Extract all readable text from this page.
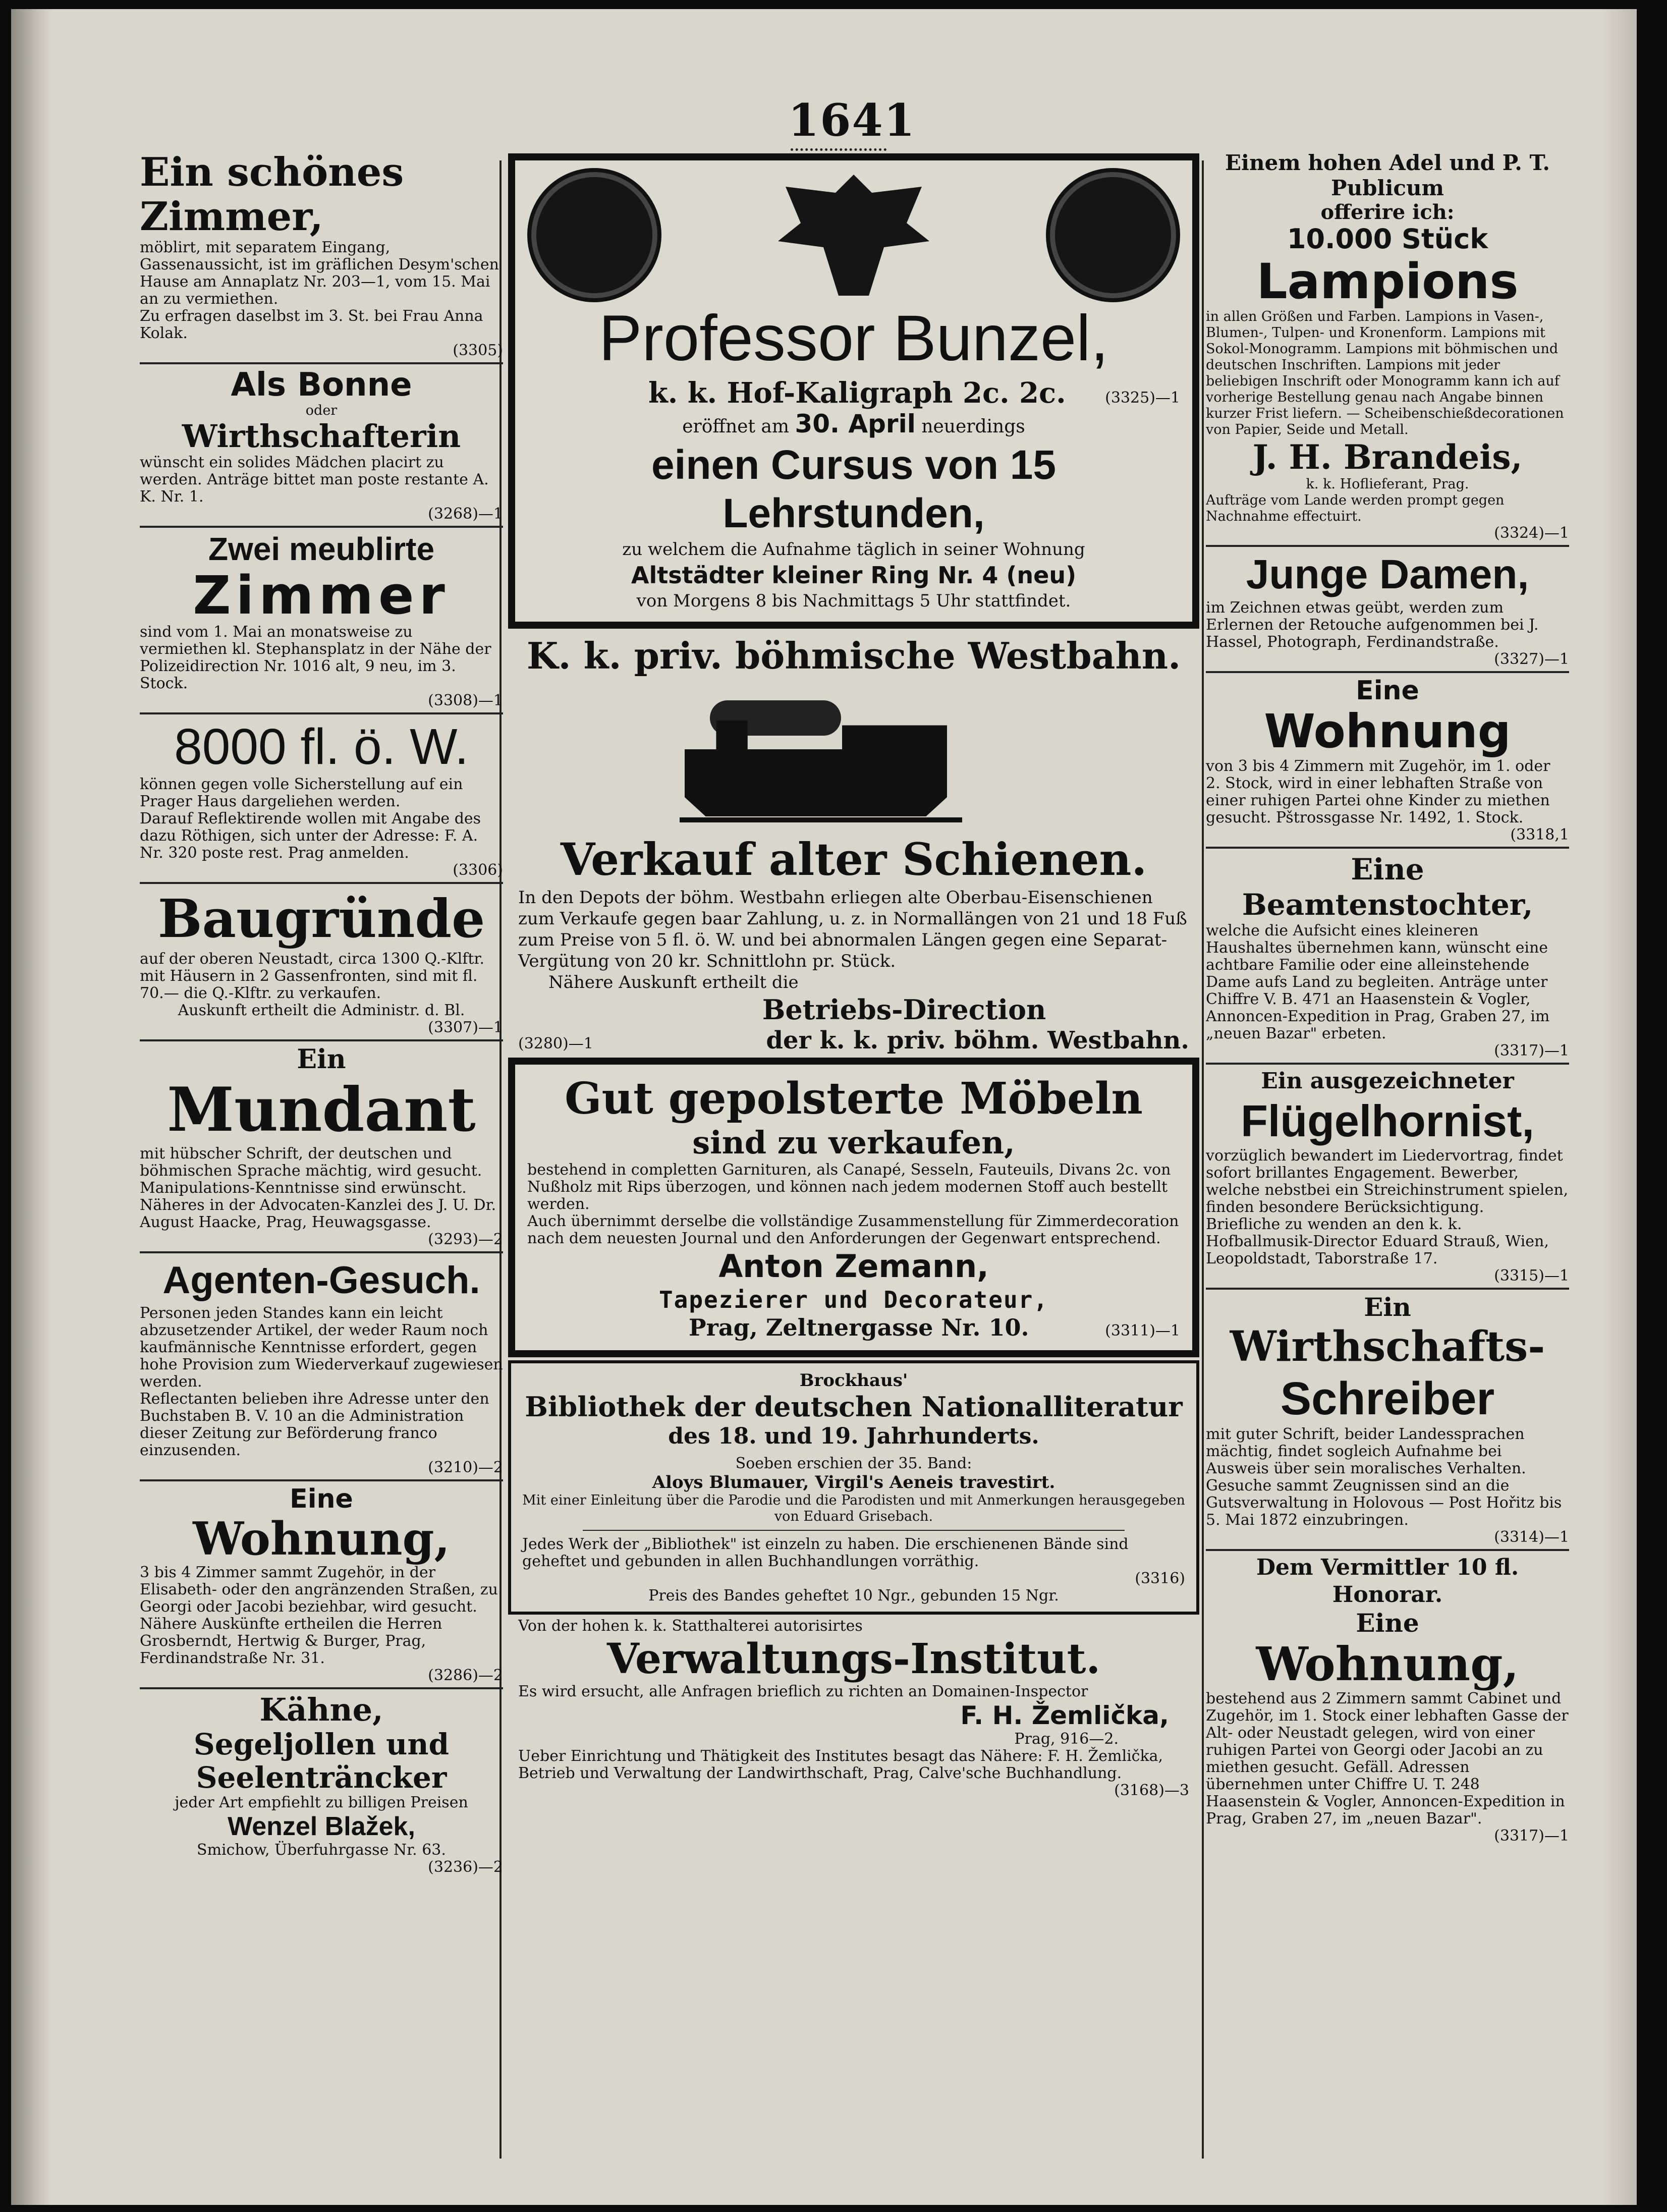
1641
Ein schönes Zimmer,
möblirt, mit separatem Eingang, Gassenaussicht, ist im gräflichen Desym'schen Hause am Annaplatz Nr. 203—1, vom 15. Mai an zu vermiethen.
Zu erfragen daselbst im 3. St. bei Frau Anna Kolak.
(3305)
Als Bonne
oder
Wirthschafterin
wünscht ein solides Mädchen placirt zu werden. Anträge bittet man poste restante A. K. Nr. 1.
(3268)—1
Zwei meublirte
Zimmer
sind vom 1. Mai an monatsweise zu vermiethen kl. Stephansplatz in der Nähe der Polizeidirection Nr. 1016 alt, 9 neu, im 3. Stock.
(3308)—1
8000 fl. ö. W.
können gegen volle Sicherstellung auf ein Prager Haus dargeliehen werden.
Darauf Reflektirende wollen mit Angabe des dazu Röthigen, sich unter der Adresse: F. A. Nr. 320 poste rest. Prag anmelden.
(3306)
Baugründe
auf der oberen Neustadt, circa 1300 Q.-Klftr. mit Häusern in 2 Gassenfronten, sind mit fl. 70.— die Q.-Klftr. zu verkaufen.
Auskunft ertheilt die Administr. d. Bl.
(3307)—1
Ein
Mundant
mit hübscher Schrift, der deutschen und böhmischen Sprache mächtig, wird gesucht. Manipulations-Kenntnisse sind erwünscht.
Näheres in der Advocaten-Kanzlei des J. U. Dr. August Haacke, Prag, Heuwagsgasse.
(3293)—2
Agenten-Gesuch.
Personen jeden Standes kann ein leicht abzusetzender Artikel, der weder Raum noch kaufmännische Kenntnisse erfordert, gegen hohe Provision zum Wiederverkauf zugewiesen werden.
Reflectanten belieben ihre Adresse unter den Buchstaben B. V. 10 an die Administration dieser Zeitung zur Beförderung franco einzusenden.
(3210)—2
Eine
Wohnung,
3 bis 4 Zimmer sammt Zugehör, in der Elisabeth- oder den angränzenden Straßen, zu Georgi oder Jacobi beziehbar, wird gesucht. Nähere Auskünfte ertheilen die Herren Grosberndt, Hertwig & Burger, Prag, Ferdinandstraße Nr. 31.
(3286)—2
Kähne,
Segeljollen und
Seelenträncker
jeder Art empfiehlt zu billigen Preisen
Wenzel Blažek,
Smichow, Überfuhrgasse Nr. 63.
(3236)—2
Professor Bunzel,
k. k. Hof-Kaligraph 2c. 2c.	(3325)—1
eröffnet am 30. April neuerdings
einen Cursus von 15 Lehrstunden,
zu welchem die Aufnahme täglich in seiner Wohnung
Altstädter kleiner Ring Nr. 4 (neu)
von Morgens 8 bis Nachmittags 5 Uhr stattfindet.
K. k. priv. böhmische Westbahn.
Verkauf alter Schienen.
In den Depots der böhm. Westbahn erliegen alte Oberbau-Eisenschienen zum Verkaufe gegen baar Zahlung, u. z. in Normallängen von 21 und 18 Fuß zum Preise von 5 fl. ö. W. und bei abnormalen Längen gegen eine Separat-Vergütung von 20 kr. Schnittlohn pr. Stück.
Nähere Auskunft ertheilt die
Betriebs-Direction
(3280)—1	der k. k. priv. böhm. Westbahn.
Gut gepolsterte Möbeln
sind zu verkaufen,
bestehend in completten Garnituren, als Canapé, Sesseln, Fauteuils, Divans 2c. von Nußholz mit Rips überzogen, und können nach jedem modernen Stoff auch bestellt werden.
Auch übernimmt derselbe die vollständige Zusammenstellung für Zimmerdecoration nach dem neuesten Journal und den Anforderungen der Gegenwart entsprechend.
Anton Zemann,
Tapezierer und Decorateur,
Prag, Zeltnergasse Nr. 10.	(3311)—1
Brockhaus'
Bibliothek der deutschen Nationalliteratur
des 18. und 19. Jahrhunderts.
Soeben erschien der 35. Band:
Aloys Blumauer, Virgil's Aeneis travestirt.
Mit einer Einleitung über die Parodie und die Parodisten und mit Anmerkungen herausgegeben von Eduard Grisebach.
Jedes Werk der „Bibliothek" ist einzeln zu haben. Die erschienenen Bände sind geheftet und gebunden in allen Buchhandlungen vorräthig.
(3316)
Preis des Bandes geheftet 10 Ngr., gebunden 15 Ngr.
Von der hohen k. k. Statthalterei autorisirtes
Verwaltungs-Institut.
Es wird ersucht, alle Anfragen brieflich zu richten an Domainen-Inspector
F. H. Žemlička,
Prag, 916—2.
Ueber Einrichtung und Thätigkeit des Institutes besagt das Nähere: F. H. Žemlička, Betrieb und Verwaltung der Landwirthschaft, Prag, Calve'sche Buchhandlung.
(3168)—3
Einem hohen Adel und P. T. Publicum
offerire ich:
10.000 Stück
Lampions
in allen Größen und Farben. Lampions in Vasen-, Blumen-, Tulpen- und Kronenform. Lampions mit Sokol-Monogramm. Lampions mit böhmischen und deutschen Inschriften. Lampions mit jeder beliebigen Inschrift oder Monogramm kann ich auf vorherige Bestellung genau nach Angabe binnen kurzer Frist liefern. — Scheibenschießdecorationen von Papier, Seide und Metall.
J. H. Brandeis,
k. k. Hoflieferant, Prag.
Aufträge vom Lande werden prompt gegen Nachnahme effectuirt.
(3324)—1
Junge Damen,
im Zeichnen etwas geübt, werden zum Erlernen der Retouche aufgenommen bei J. Hassel, Photograph, Ferdinandstraße.
(3327)—1
Eine
Wohnung
von 3 bis 4 Zimmern mit Zugehör, im 1. oder 2. Stock, wird in einer lebhaften Straße von einer ruhigen Partei ohne Kinder zu miethen gesucht. Pštrossgasse Nr. 1492, 1. Stock.
(3318,1
Eine Beamtenstochter,
welche die Aufsicht eines kleineren Haushaltes übernehmen kann, wünscht eine achtbare Familie oder eine alleinstehende Dame aufs Land zu begleiten. Anträge unter Chiffre V. B. 471 an Haasenstein & Vogler, Annoncen-Expedition in Prag, Graben 27, im „neuen Bazar" erbeten.
(3317)—1
Ein ausgezeichneter
Flügelhornist,
vorzüglich bewandert im Liedervortrag, findet sofort brillantes Engagement. Bewerber, welche nebstbei ein Streichinstrument spielen, finden besondere Berücksichtigung.
Briefliche zu wenden an den k. k. Hofballmusik-Director Eduard Strauß, Wien, Leopoldstadt, Taborstraße 17.
(3315)—1
Ein
Wirthschafts-
Schreiber
mit guter Schrift, beider Landessprachen mächtig, findet sogleich Aufnahme bei Ausweis über sein moralisches Verhalten.
Gesuche sammt Zeugnissen sind an die Gutsverwaltung in Holovous — Post Hořitz bis 5. Mai 1872 einzubringen.
(3314)—1
Dem Vermittler 10 fl. Honorar.
Eine
Wohnung,
bestehend aus 2 Zimmern sammt Cabinet und Zugehör, im 1. Stock einer lebhaften Gasse der Alt- oder Neustadt gelegen, wird von einer ruhigen Partei von Georgi oder Jacobi an zu miethen gesucht. Gefäll. Adressen übernehmen unter Chiffre U. T. 248 Haasenstein & Vogler, Annoncen-Expedition in Prag, Graben 27, im „neuen Bazar".
(3317)—1
